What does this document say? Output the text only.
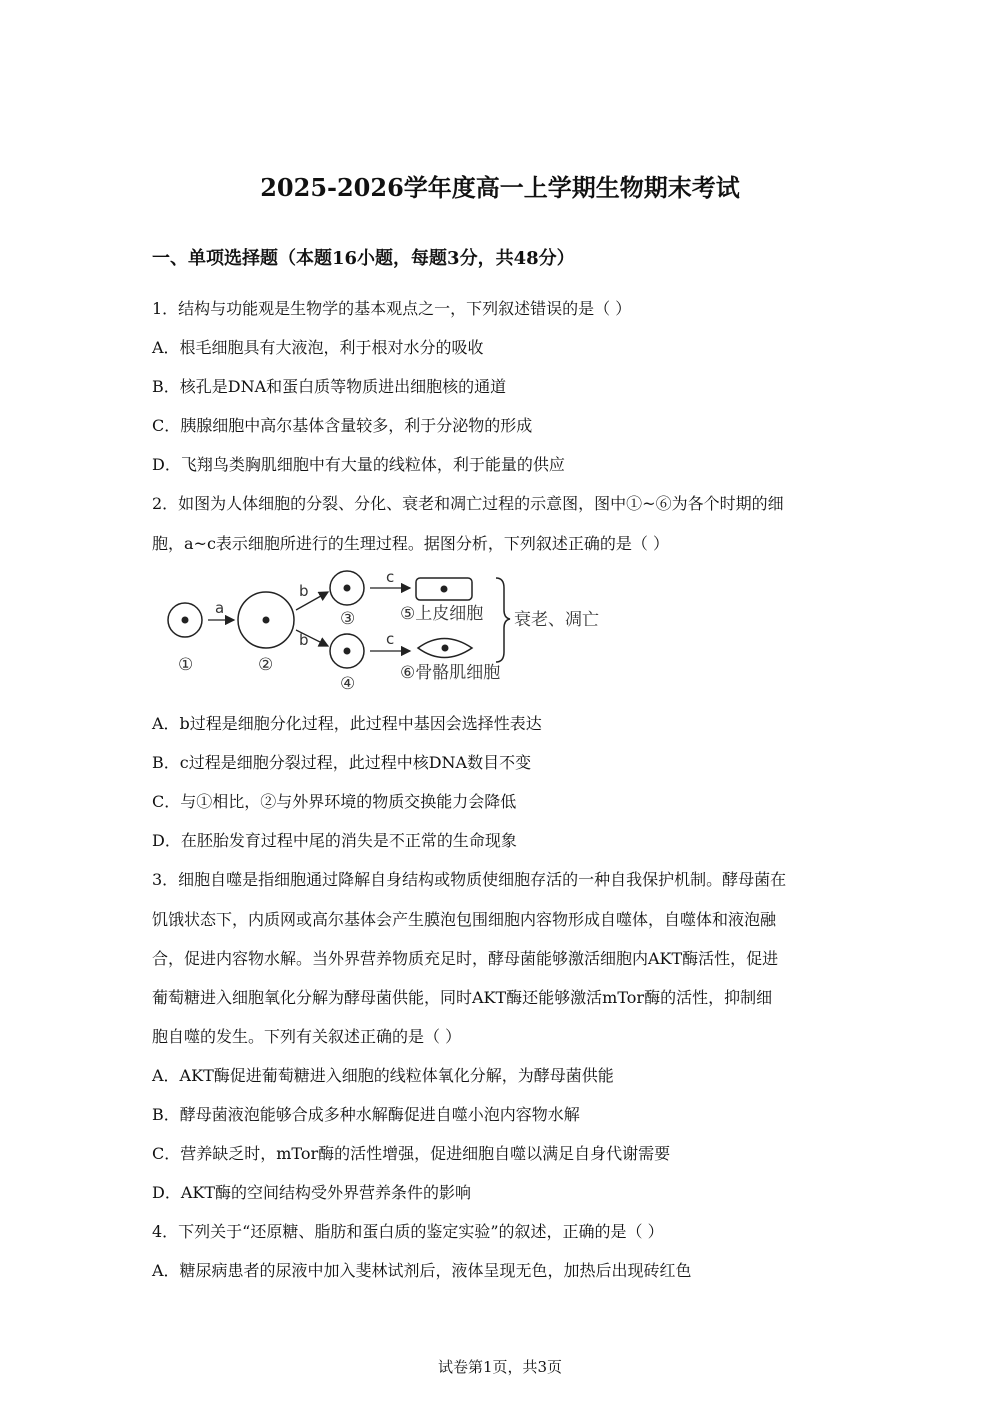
2025-2026学年度高一上学期生物期末考试
一、单项选择题（本题16小题，每题3分，共48分）
1．结构与功能观是生物学的基本观点之一，下列叙述错误的是（ ）
A．根毛细胞具有大液泡，利于根对水分的吸收
B．核孔是DNA和蛋白质等物质进出细胞核的通道
C．胰腺细胞中高尔基体含量较多，利于分泌物的形成
D．飞翔鸟类胸肌细胞中有大量的线粒体，利于能量的供应
2．如图为人体细胞的分裂、分化、衰老和凋亡过程的示意图，图中①~⑥为各个时期的细
胞，a~c表示细胞所进行的生理过程。据图分析，下列叙述正确的是（ ）
①
a
②
b
b
③
④
c
c
⑤上皮细胞
⑥骨骼肌细胞
衰老、凋亡
A．b过程是细胞分化过程，此过程中基因会选择性表达
B．c过程是细胞分裂过程，此过程中核DNA数目不变
C．与①相比，②与外界环境的物质交换能力会降低
D．在胚胎发育过程中尾的消失是不正常的生命现象
3．细胞自噬是指细胞通过降解自身结构或物质使细胞存活的一种自我保护机制。酵母菌在
饥饿状态下，内质网或高尔基体会产生膜泡包围细胞内容物形成自噬体，自噬体和液泡融
合，促进内容物水解。当外界营养物质充足时，酵母菌能够激活细胞内AKT酶活性，促进
葡萄糖进入细胞氧化分解为酵母菌供能，同时AKT酶还能够激活mTor酶的活性，抑制细
胞自噬的发生。下列有关叙述正确的是（ ）
A．AKT酶促进葡萄糖进入细胞的线粒体氧化分解，为酵母菌供能
B．酵母菌液泡能够合成多种水解酶促进自噬小泡内容物水解
C．营养缺乏时，mTor酶的活性增强，促进细胞自噬以满足自身代谢需要
D．AKT酶的空间结构受外界营养条件的影响
4．下列关于“还原糖、脂肪和蛋白质的鉴定实验”的叙述，正确的是（ ）
A．糖尿病患者的尿液中加入斐林试剂后，液体呈现无色，加热后出现砖红色
试卷第1页，共3页
